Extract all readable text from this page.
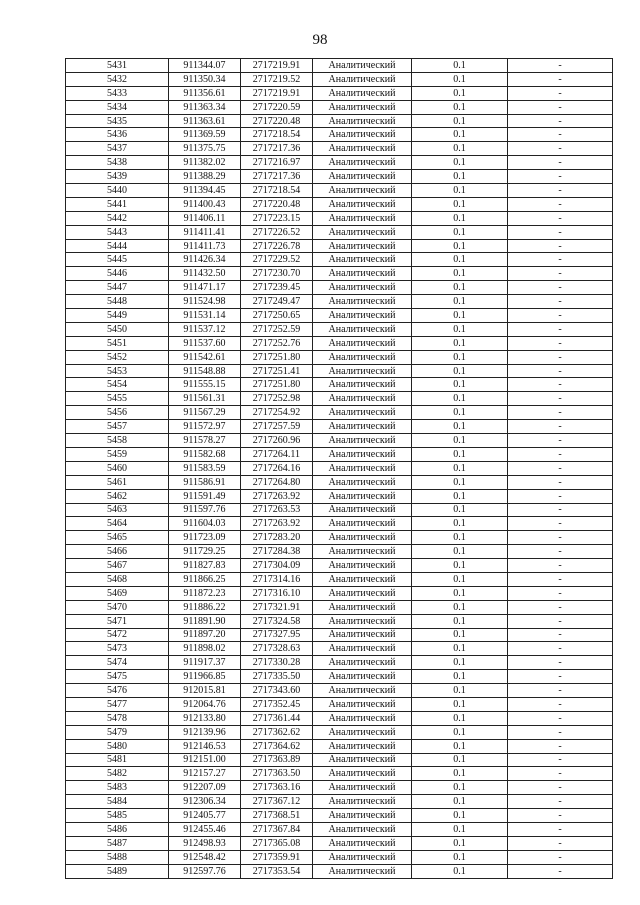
98
5431	911344.07	2717219.91	Аналитический	0.1	-
5432	911350.34	2717219.52	Аналитический	0.1	-
5433	911356.61	2717219.91	Аналитический	0.1	-
5434	911363.34	2717220.59	Аналитический	0.1	-
5435	911363.61	2717220.48	Аналитический	0.1	-
5436	911369.59	2717218.54	Аналитический	0.1	-
5437	911375.75	2717217.36	Аналитический	0.1	-
5438	911382.02	2717216.97	Аналитический	0.1	-
5439	911388.29	2717217.36	Аналитический	0.1	-
5440	911394.45	2717218.54	Аналитический	0.1	-
5441	911400.43	2717220.48	Аналитический	0.1	-
5442	911406.11	2717223.15	Аналитический	0.1	-
5443	911411.41	2717226.52	Аналитический	0.1	-
5444	911411.73	2717226.78	Аналитический	0.1	-
5445	911426.34	2717229.52	Аналитический	0.1	-
5446	911432.50	2717230.70	Аналитический	0.1	-
5447	911471.17	2717239.45	Аналитический	0.1	-
5448	911524.98	2717249.47	Аналитический	0.1	-
5449	911531.14	2717250.65	Аналитический	0.1	-
5450	911537.12	2717252.59	Аналитический	0.1	-
5451	911537.60	2717252.76	Аналитический	0.1	-
5452	911542.61	2717251.80	Аналитический	0.1	-
5453	911548.88	2717251.41	Аналитический	0.1	-
5454	911555.15	2717251.80	Аналитический	0.1	-
5455	911561.31	2717252.98	Аналитический	0.1	-
5456	911567.29	2717254.92	Аналитический	0.1	-
5457	911572.97	2717257.59	Аналитический	0.1	-
5458	911578.27	2717260.96	Аналитический	0.1	-
5459	911582.68	2717264.11	Аналитический	0.1	-
5460	911583.59	2717264.16	Аналитический	0.1	-
5461	911586.91	2717264.80	Аналитический	0.1	-
5462	911591.49	2717263.92	Аналитический	0.1	-
5463	911597.76	2717263.53	Аналитический	0.1	-
5464	911604.03	2717263.92	Аналитический	0.1	-
5465	911723.09	2717283.20	Аналитический	0.1	-
5466	911729.25	2717284.38	Аналитический	0.1	-
5467	911827.83	2717304.09	Аналитический	0.1	-
5468	911866.25	2717314.16	Аналитический	0.1	-
5469	911872.23	2717316.10	Аналитический	0.1	-
5470	911886.22	2717321.91	Аналитический	0.1	-
5471	911891.90	2717324.58	Аналитический	0.1	-
5472	911897.20	2717327.95	Аналитический	0.1	-
5473	911898.02	2717328.63	Аналитический	0.1	-
5474	911917.37	2717330.28	Аналитический	0.1	-
5475	911966.85	2717335.50	Аналитический	0.1	-
5476	912015.81	2717343.60	Аналитический	0.1	-
5477	912064.76	2717352.45	Аналитический	0.1	-
5478	912133.80	2717361.44	Аналитический	0.1	-
5479	912139.96	2717362.62	Аналитический	0.1	-
5480	912146.53	2717364.62	Аналитический	0.1	-
5481	912151.00	2717363.89	Аналитический	0.1	-
5482	912157.27	2717363.50	Аналитический	0.1	-
5483	912207.09	2717363.16	Аналитический	0.1	-
5484	912306.34	2717367.12	Аналитический	0.1	-
5485	912405.77	2717368.51	Аналитический	0.1	-
5486	912455.46	2717367.84	Аналитический	0.1	-
5487	912498.93	2717365.08	Аналитический	0.1	-
5488	912548.42	2717359.91	Аналитический	0.1	-
5489	912597.76	2717353.54	Аналитический	0.1	-
